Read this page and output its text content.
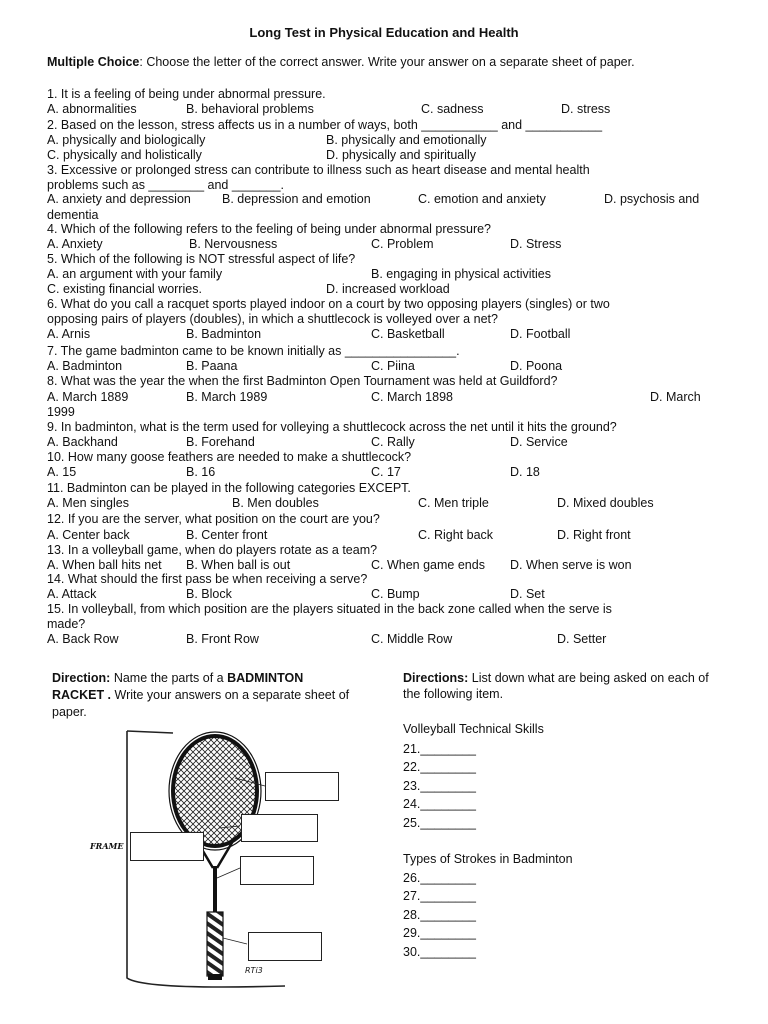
Long Test in Physical Education and Health
Multiple Choice: Choose the letter of the correct answer. Write your answer on a separate sheet of paper.
1. It is a feeling of being under abnormal pressure.
A. abnormalities	B. behavioral problems	C. sadness	D. stress
2. Based on the lesson, stress affects us in a number of ways, both ___________ and ___________
A. physically and biologically	B. physically and emotionally
C. physically and holistically	D. physically and spiritually
3. Excessive or prolonged stress can contribute to illness such as heart disease and mental health
problems such as ________ and _______.
A. anxiety and depression B. depression and emotion	C. emotion and anxiety	D. psychosis and
dementia
4. Which of the following refers to the feeling of being under abnormal pressure?
A. Anxiety	B. Nervousness	C. Problem	D. Stress
5. Which of the following is NOT stressful aspect of life?
A. an argument with your family	B. engaging in physical activities
C. existing financial worries.	D. increased workload
6. What do you call a racquet sports played indoor on a court by two opposing players (singles) or two
opposing pairs of players (doubles), in which a shuttlecock is volleyed over a net?
A. Arnis	B. Badminton	C. Basketball	D. Football
7. The game badminton came to be known initially as ________________.
A. Badminton	B. Paana	C. Piina	D. Poona
8. What was the year the when the first Badminton Open Tournament was held at Guildford?
A. March 1889	B. March 1989	C. March 1898	D. March
1999
9. In badminton, what is the term used for volleying a shuttlecock across the net until it hits the ground?
A. Backhand	B. Forehand	C. Rally	D. Service
10. How many goose feathers are needed to make a shuttlecock?
A. 15	B. 16	C. 17	D. 18
11. Badminton can be played in the following categories EXCEPT.
A. Men singles	B. Men doubles	C. Men triple	D. Mixed doubles
12. If you are the server, what position on the court are you?
A. Center back	B. Center front	C. Right back	D. Right front
13. In a volleyball game, when do players rotate as a team?
A. When ball hits net B. When ball is out	C. When game ends D. When serve is won
14. What should the first pass be when receiving a serve?
A. Attack	B. Block	C. Bump	D. Set
15. In volleyball, from which position are the players situated in the back zone called when the serve is
made?
A. Back Row	B. Front Row	C. Middle Row	D. Setter
Direction: Name the parts of a BADMINTON RACKET . Write your answers on a separate sheet of paper.
FRAME
RTi3
Directions: List down what are being asked on each of the following item.
Volleyball Technical Skills
21.________
22.________
23.________
24.________
25.________
Types of Strokes in Badminton
26.________
27.________
28.________
29.________
30.________
